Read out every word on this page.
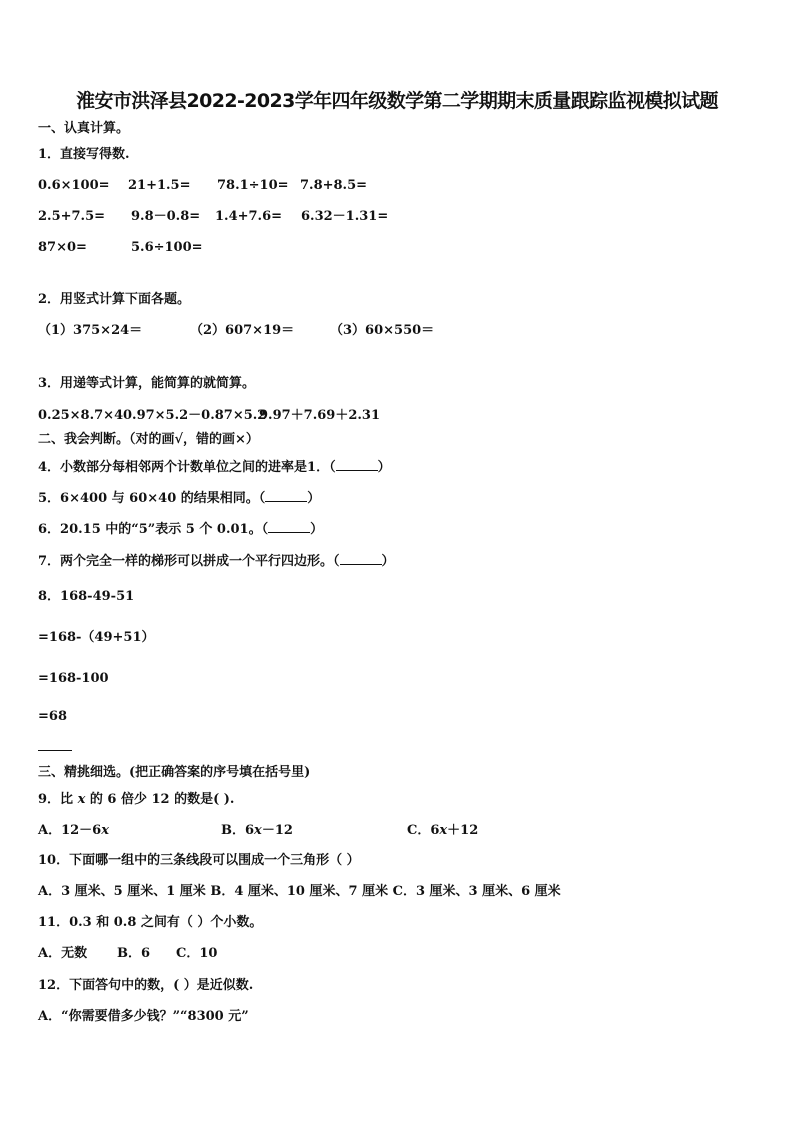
淮安市洪泽县2022-2023学年四年级数学第二学期期末质量跟踪监视模拟试题
一、认真计算。
1．直接写得数.
0.6×100= 21+1.5= 78.1÷10= 7.8+8.5=
2.5+7.5= 9.8－0.8= 1.4+7.6= 6.32－1.31=
87×0=	5.6÷100=
2．用竖式计算下面各题。
（1）375×24＝	（2）607×19＝	（3）60×550＝
3．用递等式计算，能简算的就简算。
0.25×8.7×4 0.97×5.2－0.87×5.2
9.97＋7.69＋2.31
二、我会判断。（对的画√，错的画×）
4．小数部分每相邻两个计数单位之间的进率是1．（	）
5．6×400 与 60×40 的结果相同。（	）
6．20.15 中的“5”表示 5 个 0.01。（	）
7．两个完全一样的梯形可以拼成一个平行四边形。（	）
8．168-49-51
=168-（49+51）
=168-100
=68
三、精挑细选。(把正确答案的序号填在括号里)
9．比 x 的 6 倍少 12 的数是( ).
A．12－6x	B．6x－12	C．6x＋12
10．下面哪一组中的三条线段可以围成一个三角形（ ）
A．3 厘米、5 厘米、1 厘米 B．4 厘米、10 厘米、7 厘米 C．3 厘米、3 厘米、6 厘米
11．0.3 和 0.8 之间有（ ）个小数。
A．无数 B．6 C．10
12．下面答句中的数，( ）是近似数.
A．“你需要借多少钱？”“8300 元”
